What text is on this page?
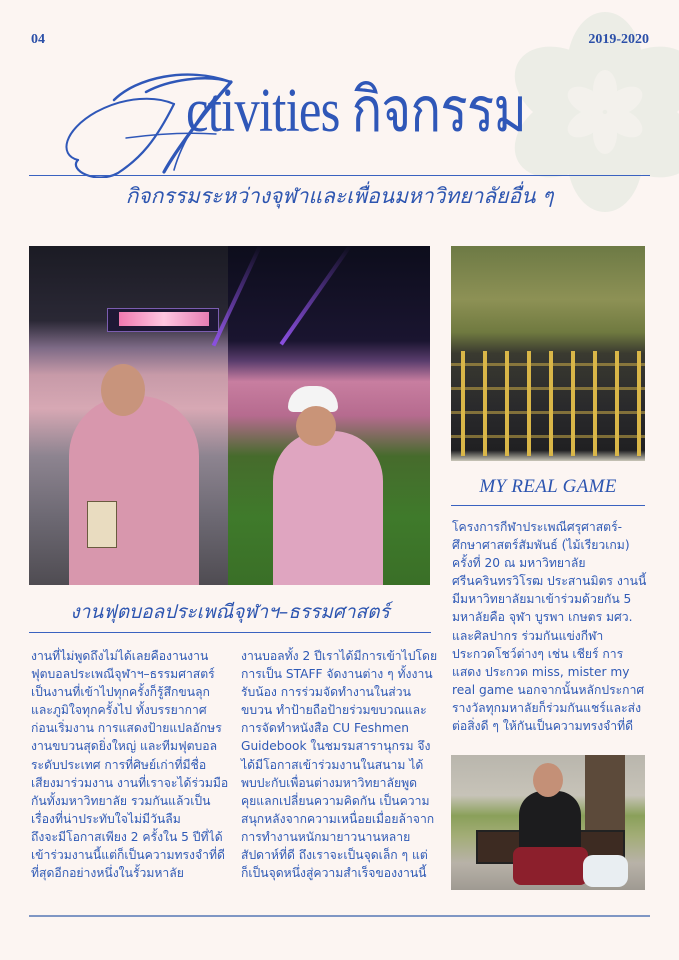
04	2019-2020
ctivities กิจกรรม
กิจกรรมระหว่างจุฬาและเพื่อนมหาวิทยาลัยอื่น ๆ
MY REAL GAME
โครงการกีฬาประเพณีศรุศาสตร์-
ศึกษาศาสตร์สัมพันธ์ (ไม้เรียวเกม)
ครั้งที่ 20 ณ มหาวิทยาลัย
ศรีนครินทรวิโรฒ ประสานมิตร งานนี้
มีมหาวิทยาลัยมาเข้าร่วมด้วยกัน 5
มหาลัยคือ จุฬา บูรพา เกษตร มศว.
และศิลปากร ร่วมกันแข่งกีฬา
ประกวดโชว์ต่างๆ เช่น เชียร์ การ
แสดง ประกวด miss, mister my
real game นอกจากนั้นหลักประกาศ
รางวัลทุกมหาลัยก็ร่วมกันแชร์และส่ง
ต่อสิ่งดี ๆ ให้กันเป็นความทรงจำที่ดี
งานฟุตบอลประเพณีจุฬาฯ–ธรรมศาสตร์
งานที่ไม่พูดถึงไม่ได้เลยคืองานงาน
ฟุตบอลประเพณีจุฬาฯ–ธรรมศาสตร์
เป็นงานที่เข้าไปทุกครั้งก็รู้สึกขนลุก
และภูมิใจทุกครั้งไป ทั้งบรรยากาศ
ก่อนเริ่มงาน การแสดงป้ายแปลอักษร
งานขบวนสุดยิ่งใหญ่ และทีมฟุตบอล
ระดับประเทศ การที่ศิษย์เก่าที่มีชื่อ
เสียงมาร่วมงาน งานที่เราจะได้ร่วมมือ
กันทั้งมหาวิทยาลัย รวมกันแล้วเป็น
เรื่องที่น่าประทับใจไม่มีวันลืม
ถึงจะมีโอกาสเพียง 2 ครั้งใน 5 ปีที่ได้
เข้าร่วมงานนี้แต่ก็เป็นความทรงจำที่ดี
ที่สุดอีกอย่างหนึ่งในรั้วมหาลัย
งานบอลทั้ง 2 ปีเราได้มีการเข้าไปโดย
การเป็น STAFF จัดงานต่าง ๆ ทั้งงาน
รับน้อง การร่วมจัดทำงานในส่วน
ขบวน ทำป้ายถือป้ายร่วมขบวณและ
การจัดทำหนังสือ CU Feshmen
Guidebook ในชมรมสารานุกรม จึง
ได้มีโอกาสเข้าร่วมงานในสนาม ได้
พบปะกับเพื่อนต่างมหาวิทยาลัยพูด
คุยแลกเปลี่ยนความคิดกัน เป็นความ
สนุกหลังจากความเหนื่อยเมื่อยล้าจาก
การทำงานหนักมายาวนานหลาย
สัปดาห์ที่ดี ถึงเราจะเป็นจุดเล็ก ๆ แต่
ก็เป็นจุดหนึ่งสู่ความสำเร็จของงานนี้
